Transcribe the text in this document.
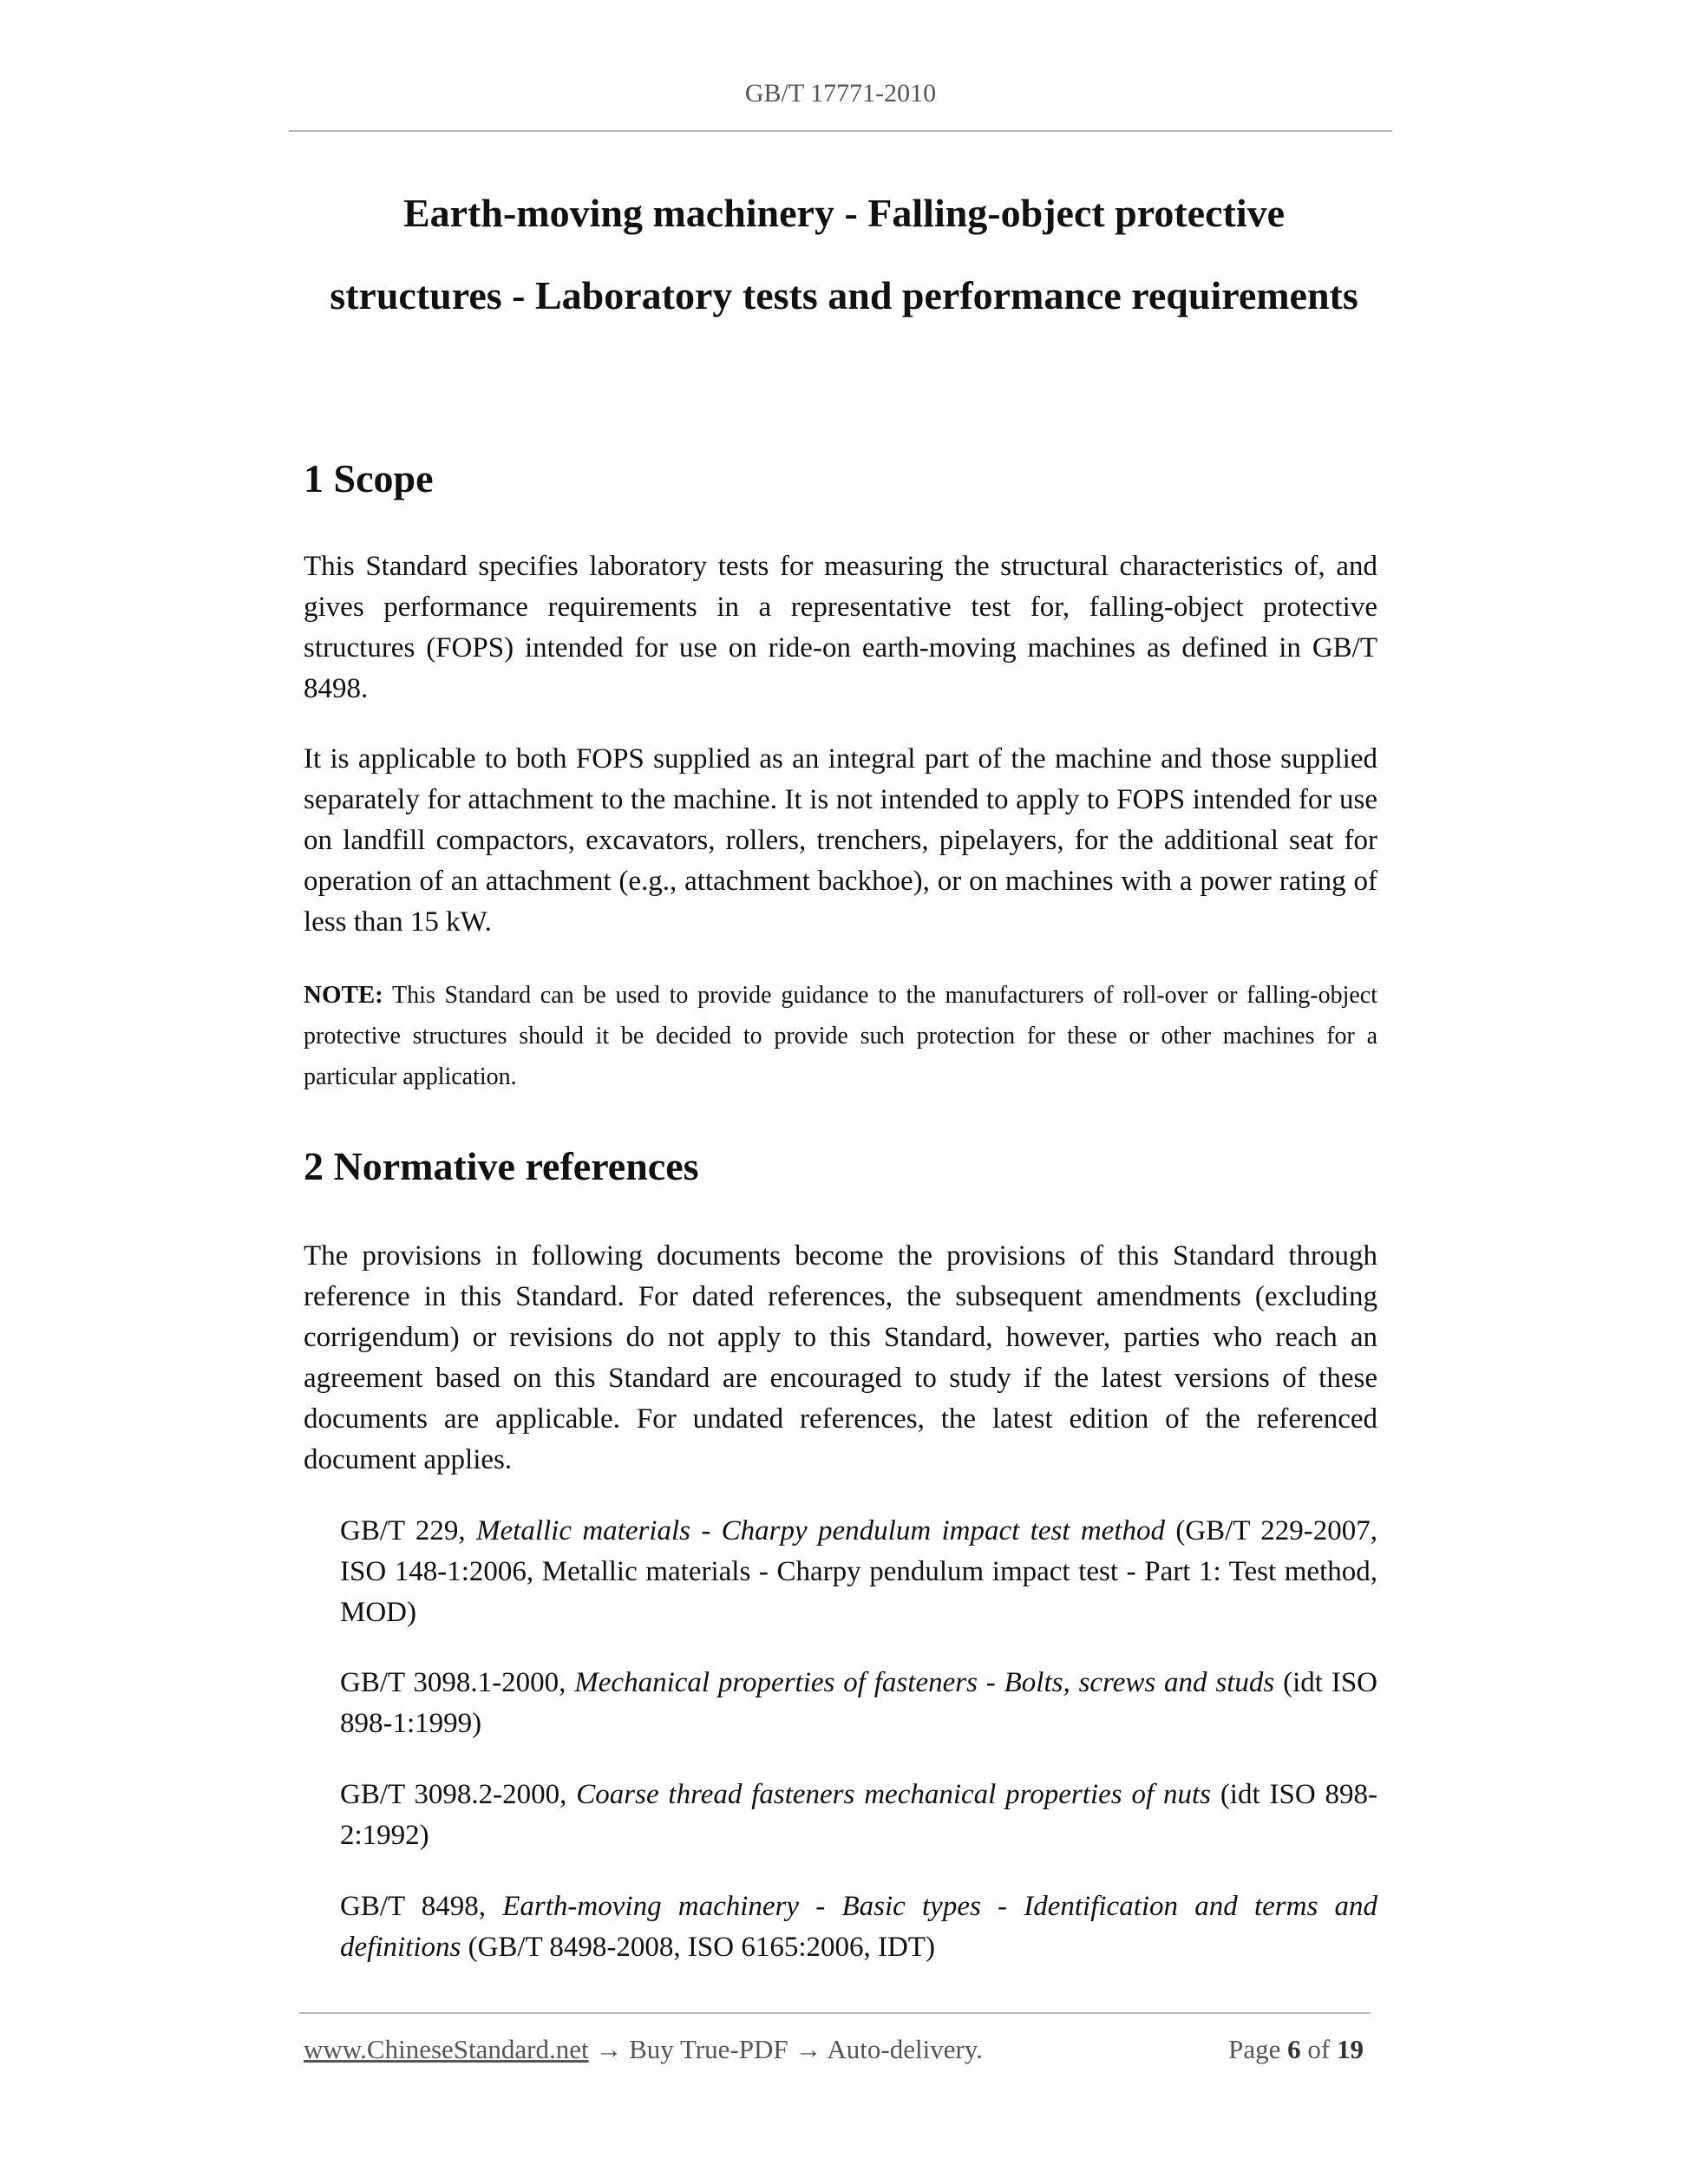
GB/T 17771-2010
Earth-moving machinery - Falling-object protective
structures - Laboratory tests and performance requirements
1 Scope

This Standard specifies laboratory tests for measuring the structural characteristics of, and gives performance requirements in a representative test for, falling-object protective structures (FOPS) intended for use on ride-on earth-moving machines as defined in GB/T 8498.

It is applicable to both FOPS supplied as an integral part of the machine and those supplied separately for attachment to the machine. It is not intended to apply to FOPS intended for use on landfill compactors, excavators, rollers, trenchers, pipelayers, for the additional seat for operation of an attachment (e.g., attachment backhoe), or on machines with a power rating of less than 15 kW.

NOTE: This Standard can be used to provide guidance to the manufacturers of roll-over or falling-object protective structures should it be decided to provide such protection for these or other machines for a particular application.

2 Normative references

The provisions in following documents become the provisions of this Standard through reference in this Standard. For dated references, the subsequent amendments (excluding corrigendum) or revisions do not apply to this Standard, however, parties who reach an agreement based on this Standard are encouraged to study if the latest versions of these documents are applicable. For undated references, the latest edition of the referenced document applies.

GB/T 229, Metallic materials - Charpy pendulum impact test method (GB/T 229-2007, ISO 148-1:2006, Metallic materials - Charpy pendulum impact test - Part 1: Test method, MOD)

GB/T 3098.1-2000, Mechanical properties of fasteners - Bolts, screws and studs (idt ISO 898-1:1999)

GB/T 3098.2-2000, Coarse thread fasteners mechanical properties of nuts (idt ISO 898-2:1992)

GB/T 8498, Earth-moving machinery - Basic types - Identification and terms and definitions (GB/T 8498-2008, ISO 6165:2006, IDT)

www.ChineseStandard.net → Buy True-PDF → Auto-delivery.	Page 6 of 19
